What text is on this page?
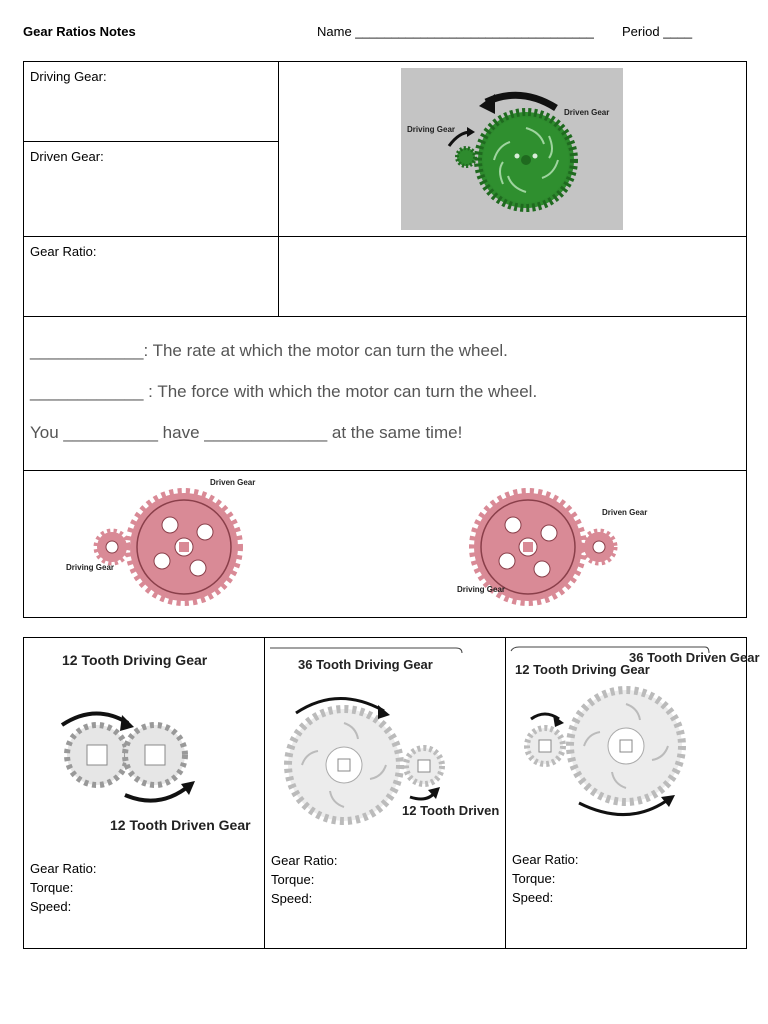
Gear Ratios Notes	Name _________________________________ Period ____
Driving Gear:
Driven Gear:
Gear Ratio:
Driving Gear
Driven Gear
____________: The rate at which the motor can turn the wheel.
____________ : The force with which the motor can turn the wheel.
You __________ have _____________ at the same time!
Driven Gear
Driving Gear
Driven Gear
Driving Gear
12 Tooth Driving Gear
12 Tooth Driven Gear
Gear Ratio:
Torque:
Speed:
36 Tooth Driving Gear
12 Tooth Driven
Gear Ratio:
Torque:
Speed:
12 Tooth Driving Gear
36 Tooth Driven Gear
Gear Ratio:
Torque:
Speed:
